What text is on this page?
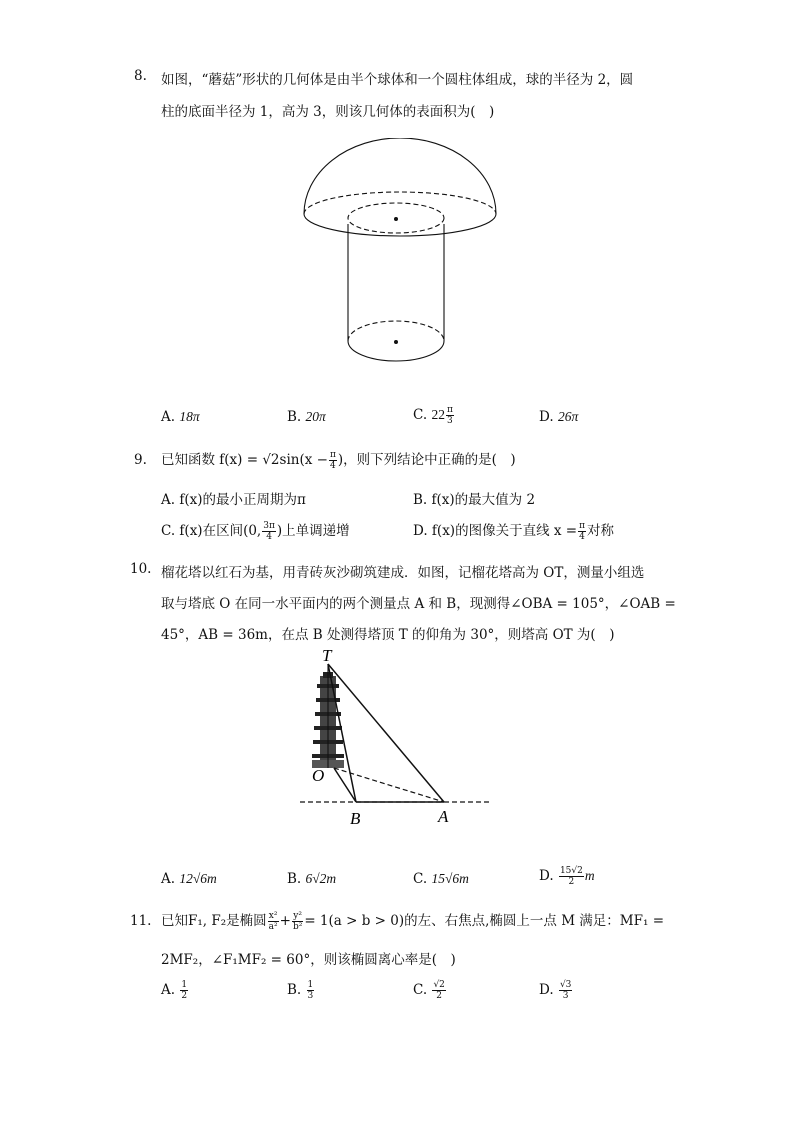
8. 如图，“蘑菇”形状的几何体是由半个球体和一个圆柱体组成，球的半径为 2，圆
柱的底面半径为 1，高为 3，则该几何体的表面积为(　)
A. 18π	B. 20π	C. $22 \frac{\pi}{3}$	D. 26π
9. 已知函数 $f(x) = √2\sin(x - \frac{\pi}{4}$ )，则下列结论中正确的是(　)
A. f(x)的最小正周期为π	B. f(x)的最大值为 2
C. f(x)在区间(0, $\frac{3\pi}{4}$ )上单调递增	D. f(x)的图像关于直线 $x = \frac{\pi}{4}$ 对称
10. 榴花塔以红石为基，用青砖灰沙砌筑建成．如图，记榴花塔高为 OT，测量小组选
取与塔底 O 在同一水平面内的两个测量点 A 和 B，现测得∠OBA = 105°，∠OAB =
45°，AB = 36m，在点 B 处测得塔顶 T 的仰角为 30°，则塔高 OT 为(　)
T
O
B	A
A. 12√6m	B. 6√2m	C. 15√6m	D. $\frac{15√2}{2}$ m
11. 已知F₁, F₂是椭圆 $\frac{\text{x²}}{\text{a²}} + \frac{\text{y²}}{\text{b²}} = 1(a > b > 0)$的左、右焦点,椭圆上一点 M 满足：MF₁ =
2MF₂，∠F₁MF₂ = 60°，则该椭圆离心率是(　)
A. $\frac{1}{2}$	B. $\frac{1}{3}$	C. $\frac{√2}{2}$	D. $\frac{√3}{3}$
